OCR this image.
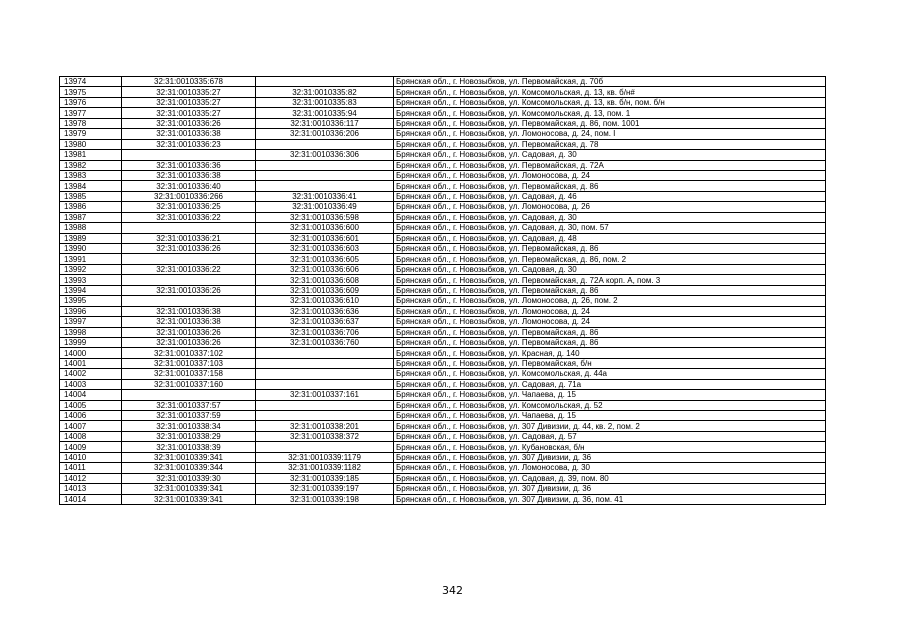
13974	32:31:0010335:678		Брянская обл., г. Новозыбков, ул. Первомайская, д. 70б
13975	32:31:0010335:27	32:31:0010335:82	Брянская обл., г. Новозыбков, ул. Комсомольская, д. 13, кв. б/н#
13976	32:31:0010335:27	32:31:0010335:83	Брянская обл., г. Новозыбков, ул. Комсомольская, д. 13, кв. б/н, пом. б/н
13977	32:31:0010335:27	32:31:0010335:94	Брянская обл., г. Новозыбков, ул. Комсомольская, д. 13, пом. 1
13978	32:31:0010336:26	32:31:0010336:117	Брянская обл., г. Новозыбков, ул. Первомайская, д. 86, пом. 1001
13979	32:31:0010336:38	32:31:0010336:206	Брянская обл., г. Новозыбков, ул. Ломоносова, д. 24, пом. I
13980	32:31:0010336:23		Брянская обл., г. Новозыбков, ул. Первомайская, д. 78
13981		32:31:0010336:306	Брянская обл., г. Новозыбков, ул. Садовая, д. 30
13982	32:31:0010336:36		Брянская обл., г. Новозыбков, ул. Первомайская, д. 72А
13983	32:31:0010336:38		Брянская обл., г. Новозыбков, ул. Ломоносова, д. 24
13984	32:31:0010336:40		Брянская обл., г. Новозыбков, ул. Первомайская, д. 86
13985	32:31:0010336:266	32:31:0010336:41	Брянская обл., г. Новозыбков, ул. Садовая, д. 46
13986	32:31:0010336:25	32:31:0010336:49	Брянская обл., г. Новозыбков, ул. Ломоносова, д. 26
13987	32:31:0010336:22	32:31:0010336:598	Брянская обл., г. Новозыбков, ул. Садовая, д. 30
13988		32:31:0010336:600	Брянская обл., г. Новозыбков, ул. Садовая, д. 30, пом. 57
13989	32:31:0010336:21	32:31:0010336:601	Брянская обл., г. Новозыбков, ул. Садовая, д. 48
13990	32:31:0010336:26	32:31:0010336:603	Брянская обл., г. Новозыбков, ул. Первомайская, д. 86
13991		32:31:0010336:605	Брянская обл., г. Новозыбков, ул. Первомайская, д. 86, пом. 2
13992	32:31:0010336:22	32:31:0010336:606	Брянская обл., г. Новозыбков, ул. Садовая, д. 30
13993		32:31:0010336:608	Брянская обл., г. Новозыбков, ул. Первомайская, д. 72А корп. А, пом. 3
13994	32:31:0010336:26	32:31:0010336:609	Брянская обл., г. Новозыбков, ул. Первомайская, д. 86
13995		32:31:0010336:610	Брянская обл., г. Новозыбков, ул. Ломоносова, д. 26, пом. 2
13996	32:31:0010336:38	32:31:0010336:636	Брянская обл., г. Новозыбков, ул. Ломоносова, д. 24
13997	32:31:0010336:38	32:31:0010336:637	Брянская обл., г. Новозыбков, ул. Ломоносова, д. 24
13998	32:31:0010336:26	32:31:0010336:706	Брянская обл., г. Новозыбков, ул. Первомайская, д. 86
13999	32:31:0010336:26	32:31:0010336:760	Брянская обл., г. Новозыбков, ул. Первомайская, д. 86
14000	32:31:0010337:102		Брянская обл., г. Новозыбков, ул. Красная, д. 140
14001	32:31:0010337:103		Брянская обл., г. Новозыбков, ул. Первомайская, б/н
14002	32:31:0010337:158		Брянская обл., г. Новозыбков, ул. Комсомольская, д. 44а
14003	32:31:0010337:160		Брянская обл., г. Новозыбков, ул. Садовая, д. 71а
14004		32:31:0010337:161	Брянская обл., г. Новозыбков, ул. Чапаева, д. 15
14005	32:31:0010337:57		Брянская обл., г. Новозыбков, ул. Комсомольская, д. 52
14006	32:31:0010337:59		Брянская обл., г. Новозыбков, ул. Чапаева, д. 15
14007	32:31:0010338:34	32:31:0010338:201	Брянская обл., г. Новозыбков, ул. 307 Дивизии, д. 44, кв. 2, пом. 2
14008	32:31:0010338:29	32:31:0010338:372	Брянская обл., г. Новозыбков, ул. Садовая, д. 57
14009	32:31:0010338:39		Брянская обл., г. Новозыбков, ул. Кубановская, б/н
14010	32:31:0010339:341	32:31:0010339:1179	Брянская обл., г. Новозыбков, ул. 307 Дивизии, д. 36
14011	32:31:0010339:344	32:31:0010339:1182	Брянская обл., г. Новозыбков, ул. Ломоносова, д. 30
14012	32:31:0010339:30	32:31:0010339:185	Брянская обл., г. Новозыбков, ул. Садовая, д. 39, пом. 80
14013	32:31:0010339:341	32:31:0010339:197	Брянская обл., г. Новозыбков, ул. 307 Дивизии, д. 36
14014	32:31:0010339:341	32:31:0010339:198	Брянская обл., г. Новозыбков, ул. 307 Дивизии, д. 36, пом. 41
342
